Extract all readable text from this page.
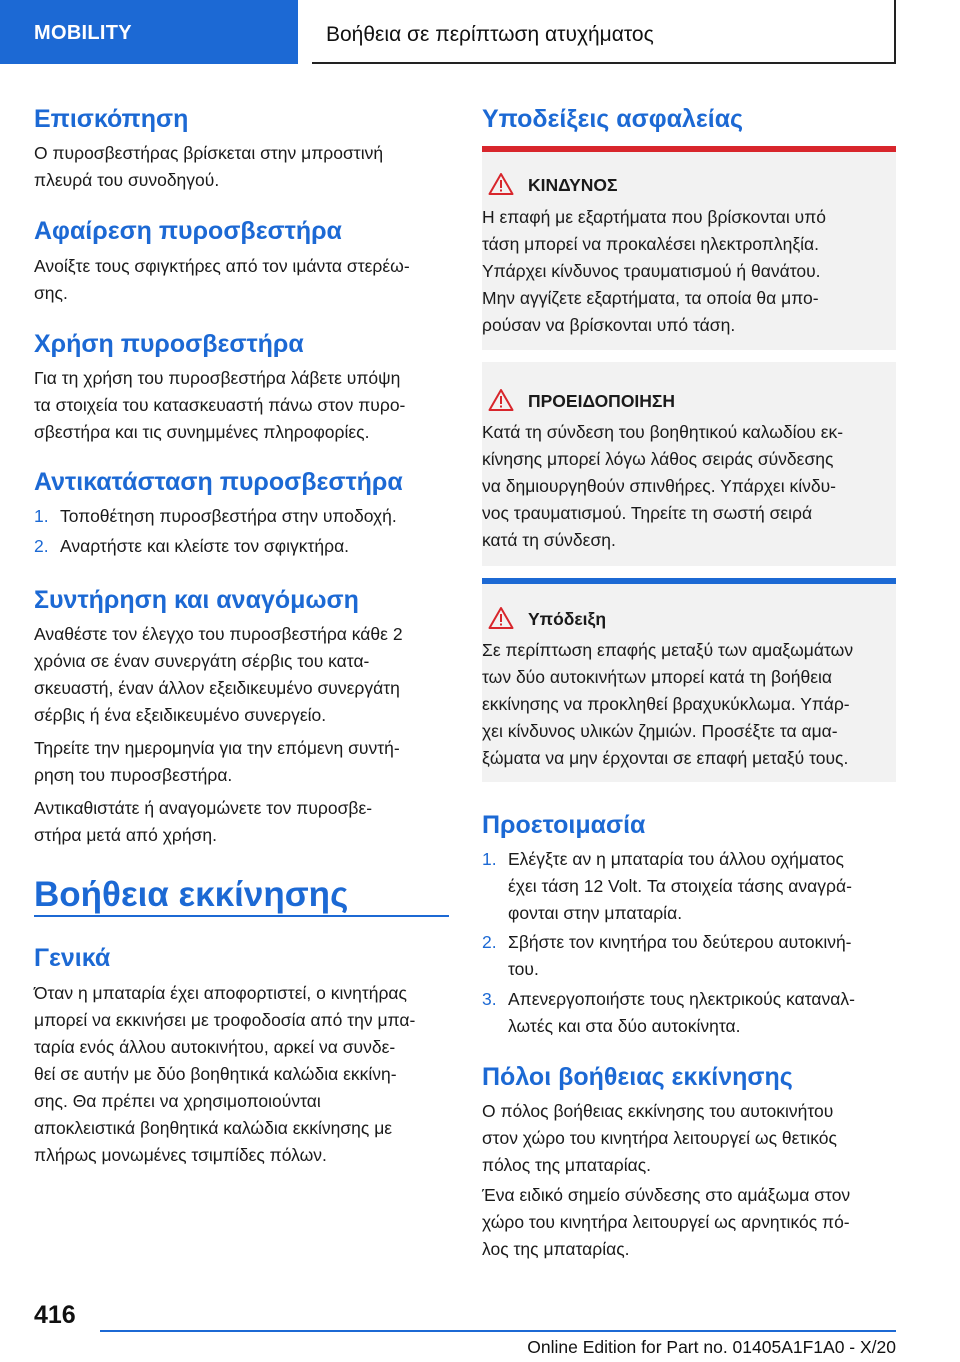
MOBILITY	Βοήθεια σε περίπτωση ατυχήματος
Επισκόπηση

Ο πυροσβεστήρας βρίσκεται στην μπροστινή

πλευρά του συνοδηγού.

Αφαίρεση πυροσβεστήρα

Ανοίξτε τους σφιγκτήρες από τον ιμάντα στερέω-

σης.

Χρήση πυροσβεστήρα

Για τη χρήση του πυροσβεστήρα λάβετε υπόψη

τα στοιχεία του κατασκευαστή πάνω στον πυρο-

σβεστήρα και τις συνημμένες πληροφορίες.

Αντικατάσταση πυροσβεστήρα
1. Τοποθέτηση πυροσβεστήρα στην υποδοχή.
2. Αναρτήστε και κλείστε τον σφιγκτήρα.
Συντήρηση και αναγόμωση

Αναθέστε τον έλεγχο του πυροσβεστήρα κάθε 2

χρόνια σε έναν συνεργάτη σέρβις του κατα-

σκευαστή, έναν άλλον εξειδικευμένο συνεργάτη

σέρβις ή ένα εξειδικευμένο συνεργείο.

Τηρείτε την ημερομηνία για την επόμενη συντή-

ρηση του πυροσβεστήρα.

Αντικαθιστάτε ή αναγομώνετε τον πυροσβε-

στήρα μετά από χρήση.

Βοήθεια εκκίνησης
Γενικά

Όταν η μπαταρία έχει αποφορτιστεί, ο κινητήρας

μπορεί να εκκινήσει με τροφοδοσία από την μπα-

ταρία ενός άλλου αυτοκινήτου, αρκεί να συνδε-

θεί σε αυτήν με δύο βοηθητικά καλώδια εκκίνη-

σης. Θα πρέπει να χρησιμοποιούνται

αποκλειστικά βοηθητικά καλώδια εκκίνησης με

πλήρως μονωμένες τσιμπίδες πόλων.

Υποδείξεις ασφαλείας
ΚΙΝΔΥΝΟΣ
Η επαφή με εξαρτήματα που βρίσκονται υπό
τάση μπορεί να προκαλέσει ηλεκτροπληξία.
Υπάρχει κίνδυνος τραυματισμού ή θανάτου.
Μην αγγίζετε εξαρτήματα, τα οποία θα μπο-
ρούσαν να βρίσκονται υπό τάση.
ΠΡΟΕΙΔΟΠΟΙΗΣΗ
Κατά τη σύνδεση του βοηθητικού καλωδίου εκ-
κίνησης μπορεί λόγω λάθος σειράς σύνδεσης
να δημιουργηθούν σπινθήρες. Υπάρχει κίνδυ-
νος τραυματισμού. Τηρείτε τη σωστή σειρά
κατά τη σύνδεση.
Υπόδειξη
Σε περίπτωση επαφής μεταξύ των αμαξωμάτων
των δύο αυτοκινήτων μπορεί κατά τη βοήθεια
εκκίνησης να προκληθεί βραχυκύκλωμα. Υπάρ-
χει κίνδυνος υλικών ζημιών. Προσέξτε τα αμα-
ξώματα να μην έρχονται σε επαφή μεταξύ τους.
Προετοιμασία
1. Ελέγξτε αν η μπαταρία του άλλου οχήματος
έχει τάση 12 Volt. Τα στοιχεία τάσης αναγρά-
φονται στην μπαταρία.
2. Σβήστε τον κινητήρα του δεύτερου αυτοκινή-
του.
3. Απενεργοποιήστε τους ηλεκτρικούς καταναλ-
λωτές και στα δύο αυτοκίνητα.
Πόλοι βοήθειας εκκίνησης

Ο πόλος βοήθειας εκκίνησης του αυτοκινήτου

στον χώρο του κινητήρα λειτουργεί ως θετικός

πόλος της μπαταρίας.

Ένα ειδικό σημείο σύνδεσης στο αμάξωμα στον

χώρο του κινητήρα λειτουργεί ως αρνητικός πό-

λος της μπαταρίας.

416
Online Edition for Part no. 01405A1F1A0 - X/20
